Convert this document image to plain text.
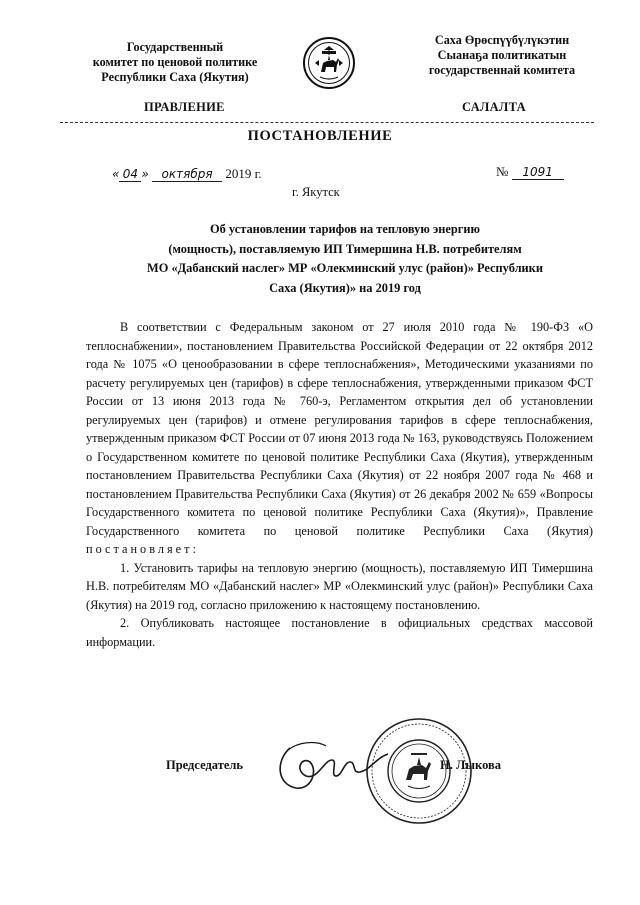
Государственный
комитет по ценовой политике
Республики Саха (Якутия)
Саха Өрөспүүбүлүкэтин
Сыанаҕа политикатын
государственнай комитета
ПРАВЛЕНИЕ	САЛАЛТА
ПОСТАНОВЛЕНИЕ
« 04 » октября 2019 г.	№ 1091
г. Якутск
Об установлении тарифов на тепловую энергию
(мощность), поставляемую ИП Тимершина Н.В. потребителям
МО «Дабанский наслег» МР «Олекминский улус (район)» Республики
Саха (Якутия)» на 2019 год

В соответствии с Федеральным законом от 27 июля 2010 года № 190-ФЗ «О теплоснабжении», постановлением Правительства Российской Федерации от 22 октября 2012 года № 1075 «О ценообразовании в сфере теплоснабжения», Методическими указаниями по расчету регулируемых цен (тарифов) в сфере теплоснабжения, утвержденными приказом ФСТ России от 13 июня 2013 года № 760-э, Регламентом открытия дел об установлении регулируемых цен (тарифов) и отмене регулирования тарифов в сфере теплоснабжения, утвержденным приказом ФСТ России от 07 июня 2013 года № 163, руководствуясь Положением о Государственном комитете по ценовой политике Республики Саха (Якутия), утвержденным постановлением Правительства Республики Саха (Якутия) от 22 ноября 2007 года № 468 и постановлением Правительства Республики Саха (Якутия) от 26 декабря 2002 № 659 «Вопросы Государственного комитета по ценовой политике Республики Саха (Якутия)», Правление Государственного комитета по ценовой политике Республики Саха (Якутия) постановляет:

1. Установить тарифы на тепловую энергию (мощность), поставляемую ИП Тимершина Н.В. потребителям МО «Дабанский наслег» МР «Олекминский улус (район)» Республики Саха (Якутия) на 2019 год, согласно приложению к настоящему постановлению.

2. Опубликовать настоящее постановление в официальных средствах массовой информации.

Председатель	Н. Лыкова
